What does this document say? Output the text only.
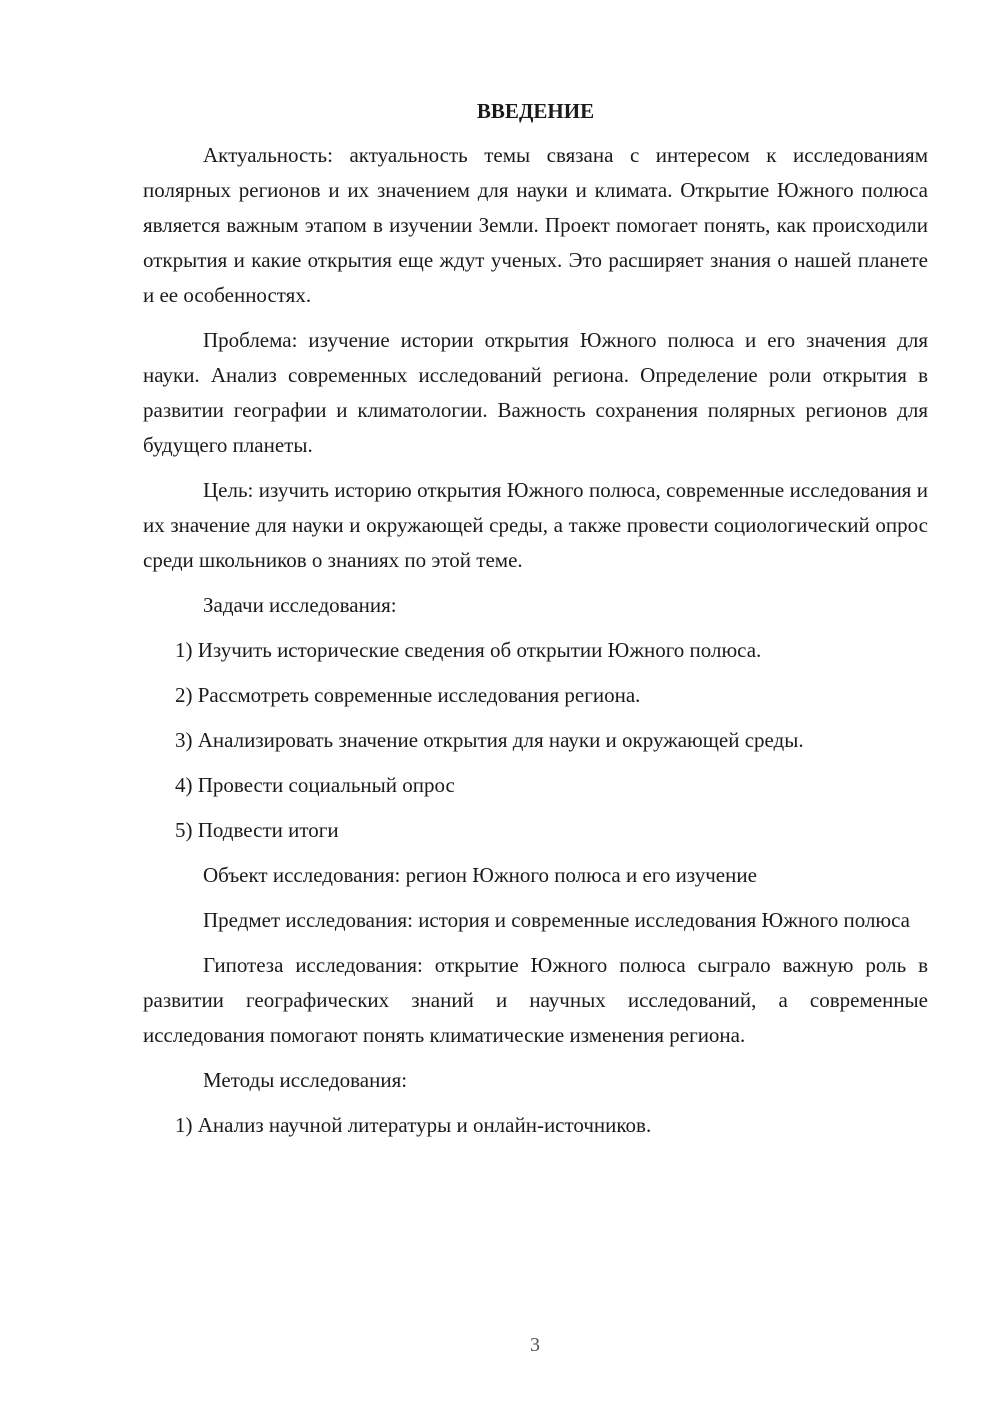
ВВЕДЕНИЕ

Актуальность: актуальность темы связана с интересом к исследованиям полярных регионов и их значением для науки и климата. Открытие Южного полюса является важным этапом в изучении Земли. Проект помогает понять, как происходили открытия и какие открытия еще ждут ученых. Это расширяет знания о нашей планете и ее особенностях.

Проблема: изучение истории открытия Южного полюса и его значения для науки. Анализ современных исследований региона. Определение роли открытия в развитии географии и климатологии. Важность сохранения полярных регионов для будущего планеты.

Цель: изучить историю открытия Южного полюса, современные исследования и их значение для науки и окружающей среды, а также провести социологический опрос среди школьников о знаниях по этой теме.

Задачи исследования:

1) Изучить исторические сведения об открытии Южного полюса.
2) Рассмотреть современные исследования региона.
3) Анализировать значение открытия для науки и окружающей среды.
4) Провести социальный опрос
5) Подвести итоги

Объект исследования: регион Южного полюса и его изучение

Предмет исследования: история и современные исследования Южного полюса

Гипотеза исследования: открытие Южного полюса сыграло важную роль в развитии географических знаний и научных исследований, а современные исследования помогают понять климатические изменения региона.

Методы исследования:

1) Анализ научной литературы и онлайн-источников.
3
